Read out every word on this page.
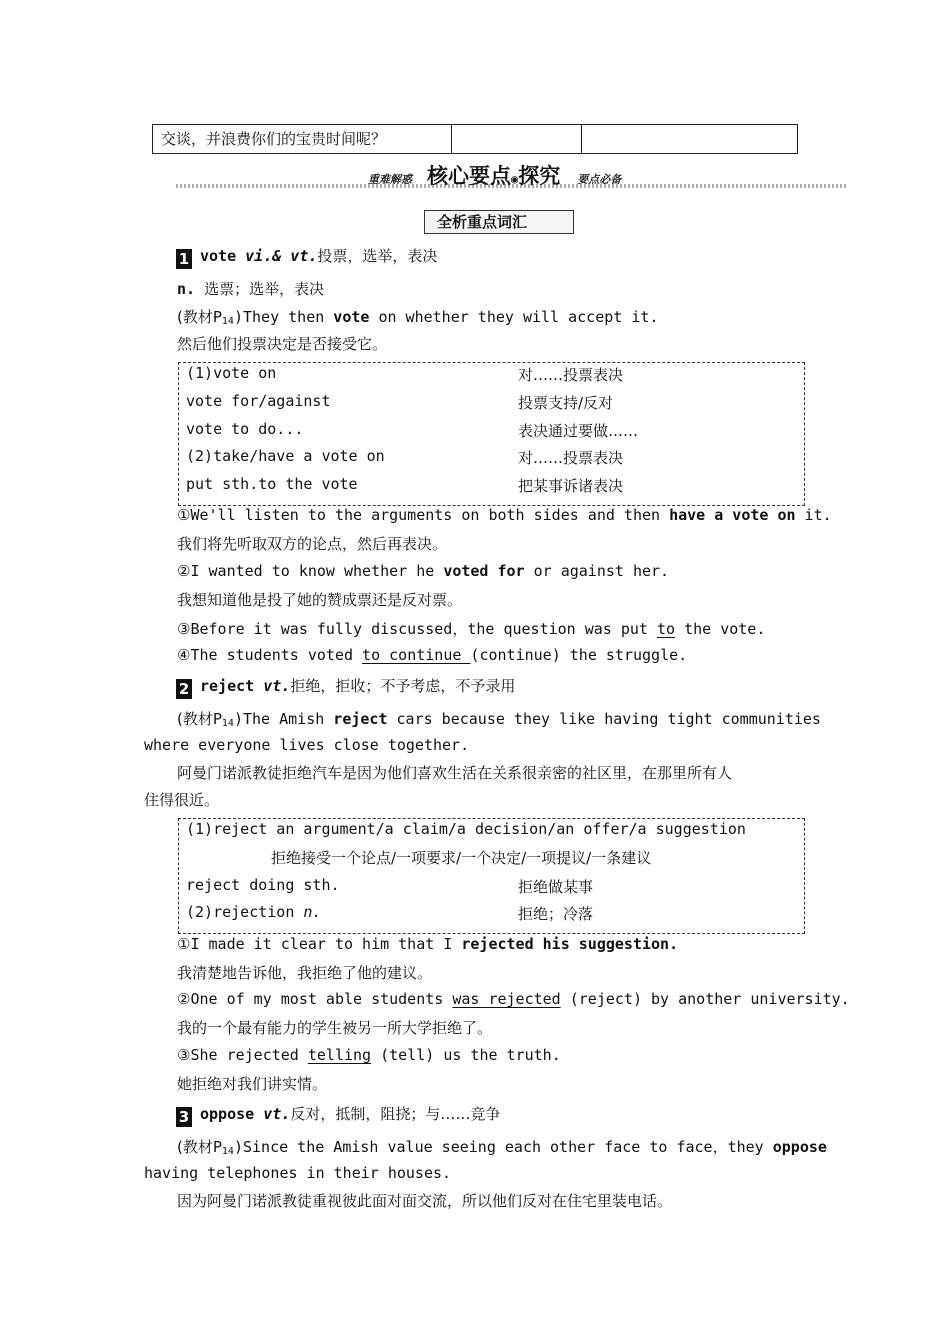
交谈，并浪费你们的宝贵时间呢？
重难解惑 核心要点◉探究 要点必备
全析重点词汇
1 vote vi.& vt.投票，选举，表决
n. 选票；选举，表决
(教材$P_{14})They$ then vote on whether they will accept it.
然后他们投票决定是否接受它。
(1)vote on	对……投票表决
vote for/against	投票支持/反对
vote to do...	表决通过要做……
(2)take/have a vote on	对……投票表决
put sth.to the vote	把某事诉诸表决
①We'll listen to the arguments on both sides and then have a vote on it.
我们将先听取双方的论点，然后再表决。
②I wanted to know whether he voted for or against her.
我想知道他是投了她的赞成票还是反对票。
③Before it was fully discussed，the question was put to the vote.
④The students voted to continue (continue) the struggle.
2 reject vt.拒绝，拒收；不予考虑，不予录用
(教材$P_{14})The$ Amish reject cars because they like having tight communities
where everyone lives close together.
阿曼门诺派教徒拒绝汽车是因为他们喜欢生活在关系很亲密的社区里，在那里所有人
住得很近。
(1)reject an argument/a claim/a decision/an offer/a suggestion
拒绝接受一个论点/一项要求/一个决定/一项提议/一条建议
reject doing sth.	拒绝做某事
(2)rejection n.	拒绝；冷落
①I made it clear to him that I rejected his suggestion.
我清楚地告诉他，我拒绝了他的建议。
②One of my most able students was rejected (reject) by another university.
我的一个最有能力的学生被另一所大学拒绝了。
③She rejected telling (tell) us the truth.
她拒绝对我们讲实情。
3 oppose vt.反对，抵制，阻挠；与……竞争
(教材$P_{14})Since$ the Amish value seeing each other face to face，they oppose
having telephones in their houses.
因为阿曼门诺派教徒重视彼此面对面交流，所以他们反对在住宅里装电话。
